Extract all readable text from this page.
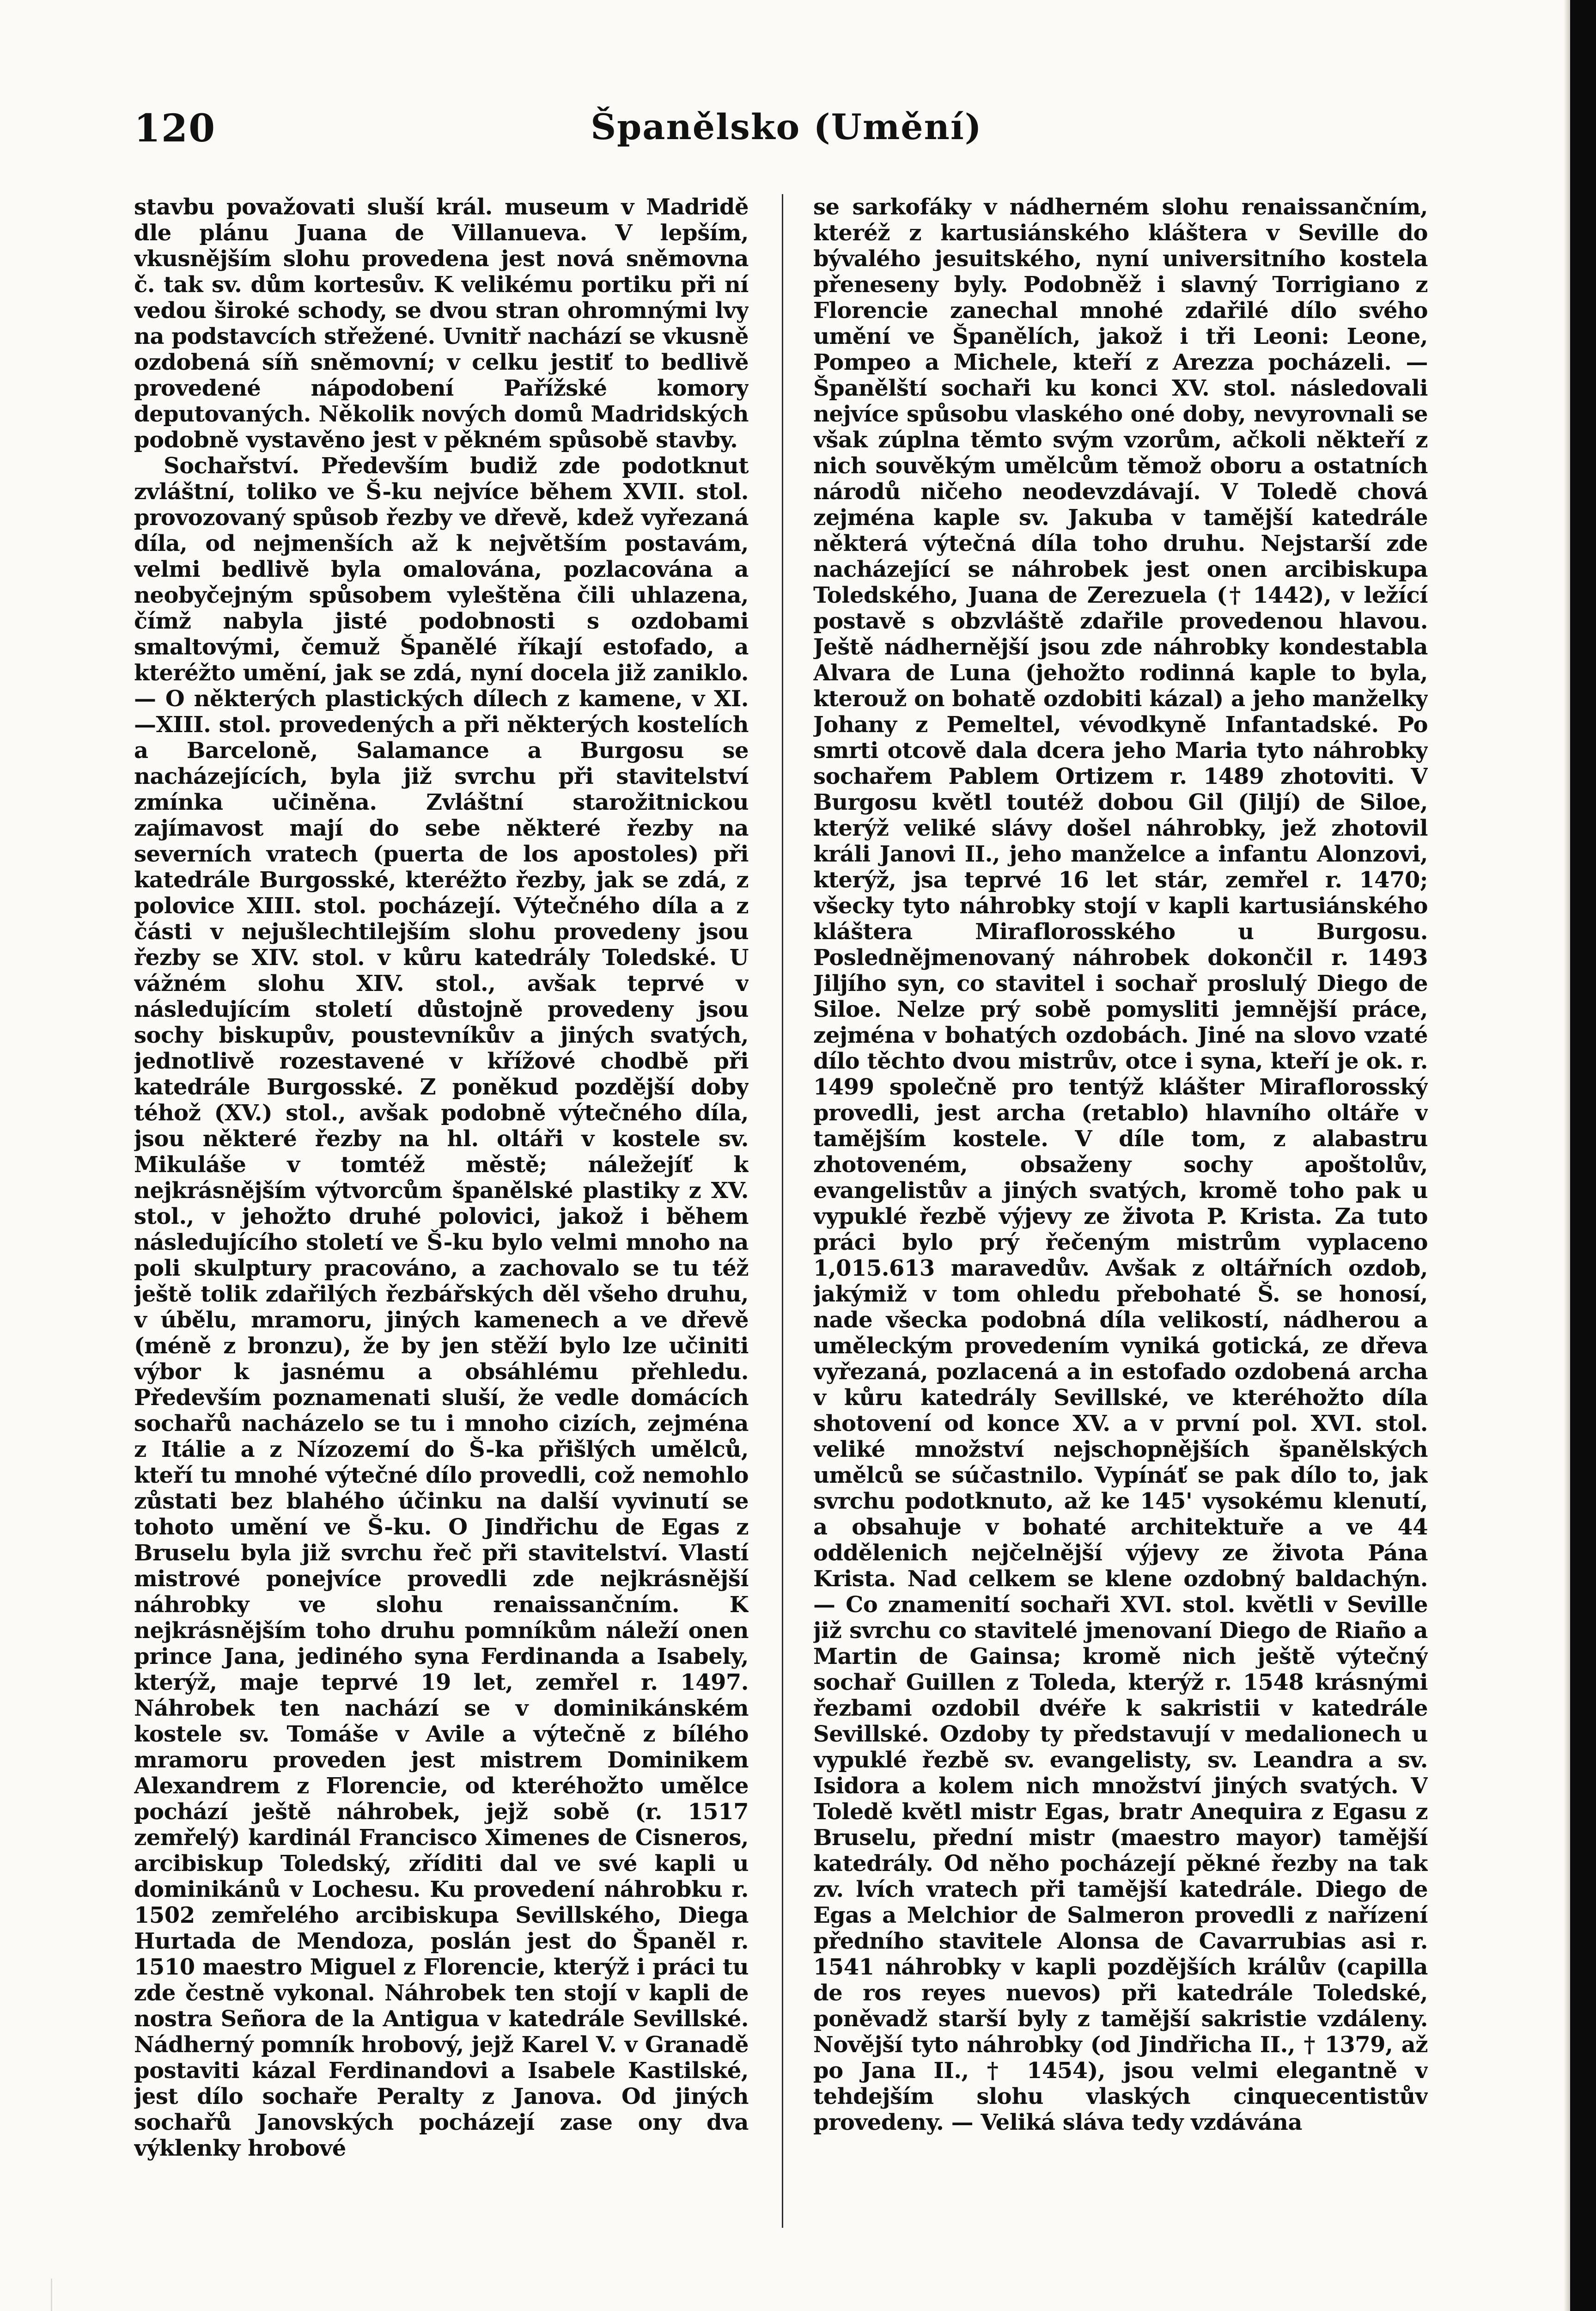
120	Španělsko (Umění)

stavbu považovati sluší král. museum v Madridě dle plánu Juana de Villanueva. V lepším, vkusnějším slohu provedena jest nová sněmovna č. tak sv. dům kortesův. K velikému portiku při ní vedou široké schody, se dvou stran ohromnými lvy na podstavcích střežené. Uvnitř nachází se vkusně ozdobená síň sněmovní; v celku jestiť to bedlivě provedené nápodobení Pařížské komory deputovaných. Několik nových domů Madridských podobně vystavěno jest v pěkném spůsobě stavby.

Sochařství. Především budiž zde podotknut zvláštní, toliko ve Š-ku nejvíce během XVII. stol. provozovaný spůsob řezby ve dřevě, kdež vyřezaná díla, od nejmenších až k největším postavám, velmi bedlivě byla omalována, pozlacována a neobyčejným spůsobem vyleštěna čili uhlazena, čímž nabyla jisté podobnosti s ozdobami smaltovými, čemuž Španělé říkají estofado, a kteréžto umění, jak se zdá, nyní docela již zaniklo. — O některých plastických dílech z kamene, v XI.—XIII. stol. provedených a při některých kostelích a Barceloně, Salamance a Burgosu se nacházejících, byla již svrchu při stavitelství zmínka učiněna. Zvláštní starožitnickou zajímavost mají do sebe některé řezby na severních vratech (puerta de los apostoles) při katedrále Burgosské, kteréžto řezby, jak se zdá, z polovice XIII. stol. pocházejí. Výtečného díla a z části v nejušlechtilejším slohu provedeny jsou řezby se XIV. stol. v kůru katedrály Toledské. U vážném slohu XIV. stol., avšak teprvé v následujícím století důstojně provedeny jsou sochy biskupův, poustevníkův a jiných svatých, jednotlivě rozestavené v křížové chodbě při katedrále Burgosské. Z poněkud pozdější doby téhož (XV.) stol., avšak podobně výtečného díla, jsou některé řezby na hl. oltáři v kostele sv. Mikuláše v tomtéž městě; náležejíť k nejkrásnějším výtvorcům španělské plastiky z XV. stol., v jehožto druhé polovici, jakož i během následujícího století ve Š-ku bylo velmi mnoho na poli skulptury pracováno, a zachovalo se tu též ještě tolik zdařilých řezbářských děl všeho druhu, v úbělu, mramoru, jiných kamenech a ve dřevě (méně z bronzu), že by jen stěží bylo lze učiniti výbor k jasnému a obsáhlému přehledu. Především poznamenati sluší, že vedle domácích sochařů nacházelo se tu i mnoho cizích, zejména z Itálie a z Nízozemí do Š-ka přišlých umělců, kteří tu mnohé výtečné dílo provedli, což nemohlo zůstati bez blahého účinku na další vyvinutí se tohoto umění ve Š-ku. O Jindřichu de Egas z Bruselu byla již svrchu řeč při stavitelství. Vlastí mistrové ponejvíce provedli zde nejkrásnější náhrobky ve slohu renaissančním. K nejkrásnějším toho druhu pomníkům náleží onen prince Jana, jediného syna Ferdinanda a Isabely, kterýž, maje teprvé 19 let, zemřel r. 1497. Náhrobek ten nachází se v dominikánském kostele sv. Tomáše v Avile a výtečně z bílého mramoru proveden jest mistrem Dominikem Alexandrem z Florencie, od kteréhožto umělce pochází ještě náhrobek, jejž sobě (r. 1517 zemřelý) kardinál Francisco Ximenes de Cisneros, arcibiskup Toledský, zříditi dal ve své kapli u dominikánů v Lochesu. Ku provedení náhrobku r. 1502 zemřelého arcibiskupa Sevillského, Diega Hurtada de Mendoza, poslán jest do Španěl r. 1510 maestro Miguel z Florencie, kterýž i práci tu zde čestně vykonal. Náhrobek ten stojí v kapli de nostra Señora de la Antigua v katedrále Sevillské. Nádherný pomník hrobový, jejž Karel V. v Granadě postaviti kázal Ferdinandovi a Isabele Kastilské, jest dílo sochaře Peralty z Janova. Od jiných sochařů Janovských pocházejí zase ony dva výklenky hrobové

se sarkofáky v nádherném slohu renaissančním, kteréž z kartusiánského kláštera v Seville do bývalého jesuitského, nyní universitního kostela přeneseny byly. Podobněž i slavný Torrigiano z Florencie zanechal mnohé zdařilé dílo svého umění ve Španělích, jakož i tři Leoni: Leone, Pompeo a Michele, kteří z Arezza pocházeli. — Španělští sochaři ku konci XV. stol. následovali nejvíce spůsobu vlaského oné doby, nevyrovnali se však zúplna těmto svým vzorům, ačkoli někteří z nich souvěkým umělcům těmož oboru a ostatních národů ničeho neodevzdávají. V Toledě chová zejména kaple sv. Jakuba v tamější katedrále některá výtečná díla toho druhu. Nejstarší zde nacházející se náhrobek jest onen arcibiskupa Toledského, Juana de Zerezuela († 1442), v ležící postavě s obzvláště zdařile provedenou hlavou. Ještě nádhernější jsou zde náhrobky kondestabla Alvara de Luna (jehožto rodinná kaple to byla, kterouž on bohatě ozdobiti kázal) a jeho manželky Johany z Pemeltel, vévodkyně Infantadské. Po smrti otcově dala dcera jeho Maria tyto náhrobky sochařem Pablem Ortizem r. 1489 zhotoviti. V Burgosu květl toutéž dobou Gil (Jiljí) de Siloe, kterýž veliké slávy došel náhrobky, jež zhotovil králi Janovi II., jeho manželce a infantu Alonzovi, kterýž, jsa teprvé 16 let stár, zemřel r. 1470; všecky tyto náhrobky stojí v kapli kartusiánského kláštera Miraflorosského u Burgosu. Poslednějmenovaný náhrobek dokončil r. 1493 Jiljího syn, co stavitel i sochař proslulý Diego de Siloe. Nelze prý sobě pomysliti jemnější práce, zejména v bohatých ozdobách. Jiné na slovo vzaté dílo těchto dvou mistrův, otce i syna, kteří je ok. r. 1499 společně pro tentýž klášter Miraflorosský provedli, jest archa (retablo) hlavního oltáře v tamějším kostele. V díle tom, z alabastru zhotoveném, obsaženy sochy apoštolův, evangelistův a jiných svatých, kromě toho pak u vypuklé řezbě výjevy ze života P. Krista. Za tuto práci bylo prý řečeným mistrům vyplaceno 1,015.613 maravedův. Avšak z oltářních ozdob, jakýmiž v tom ohledu přebohaté Š. se honosí, nade všecka podobná díla velikostí, nádherou a uměleckým provedením vyniká gotická, ze dřeva vyřezaná, pozlacená a in estofado ozdobená archa v kůru katedrály Sevillské, ve kteréhožto díla shotovení od konce XV. a v první pol. XVI. stol. veliké množství nejschopnějších španělských umělců se súčastnilo. Vypínáť se pak dílo to, jak svrchu podotknuto, až ke 145' vysokému klenutí, a obsahuje v bohaté architektuře a ve 44 oddělenich nejčelnější výjevy ze života Pána Krista. Nad celkem se klene ozdobný baldachýn. — Co znamenití sochaři XVI. stol. květli v Seville již svrchu co stavitelé jmenovaní Diego de Riaño a Martin de Gainsa; kromě nich ještě výtečný sochař Guillen z Toleda, kterýž r. 1548 krásnými řezbami ozdobil dvéře k sakristii v katedrále Sevillské. Ozdoby ty představují v medalionech u vypuklé řezbě sv. evangelisty, sv. Leandra a sv. Isidora a kolem nich množství jiných svatých. V Toledě květl mistr Egas, bratr Anequira z Egasu z Bruselu, přední mistr (maestro mayor) tamější katedrály. Od něho pocházejí pěkné řezby na tak zv. lvích vratech při tamější katedrále. Diego de Egas a Melchior de Salmeron provedli z nařízení předního stavitele Alonsa de Cavarrubias asi r. 1541 náhrobky v kapli pozdějších králův (capilla de ros reyes nuevos) při katedrále Toledské, poněvadž starší byly z tamější sakristie vzdáleny. Novější tyto náhrobky (od Jindřicha II., † 1379, až po Jana II., † 1454), jsou velmi elegantně v tehdejším slohu vlaských cinquecentistův provedeny. — Veliká sláva tedy vzdávána
